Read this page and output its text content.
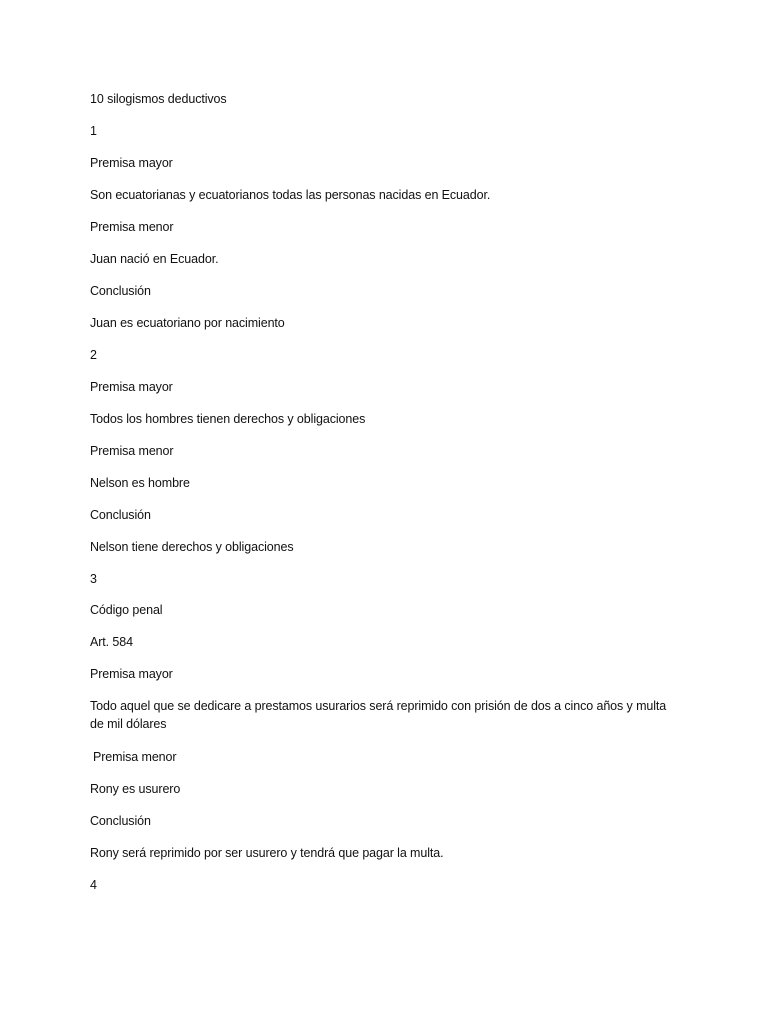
10 silogismos deductivos
1
Premisa mayor
Son ecuatorianas y ecuatorianos todas las personas nacidas en Ecuador.
Premisa menor
Juan nació en Ecuador.
Conclusión
Juan es ecuatoriano por nacimiento
2
Premisa mayor
Todos los hombres tienen derechos y obligaciones
Premisa menor
Nelson es hombre
Conclusión
Nelson tiene derechos y obligaciones
3
Código penal
Art. 584
Premisa mayor
Todo aquel que se dedicare a prestamos usurarios será reprimido con prisión de dos a cinco años y multa de mil dólares
Premisa menor
Rony es usurero
Conclusión
Rony será reprimido por ser usurero y tendrá que pagar la multa.
4
